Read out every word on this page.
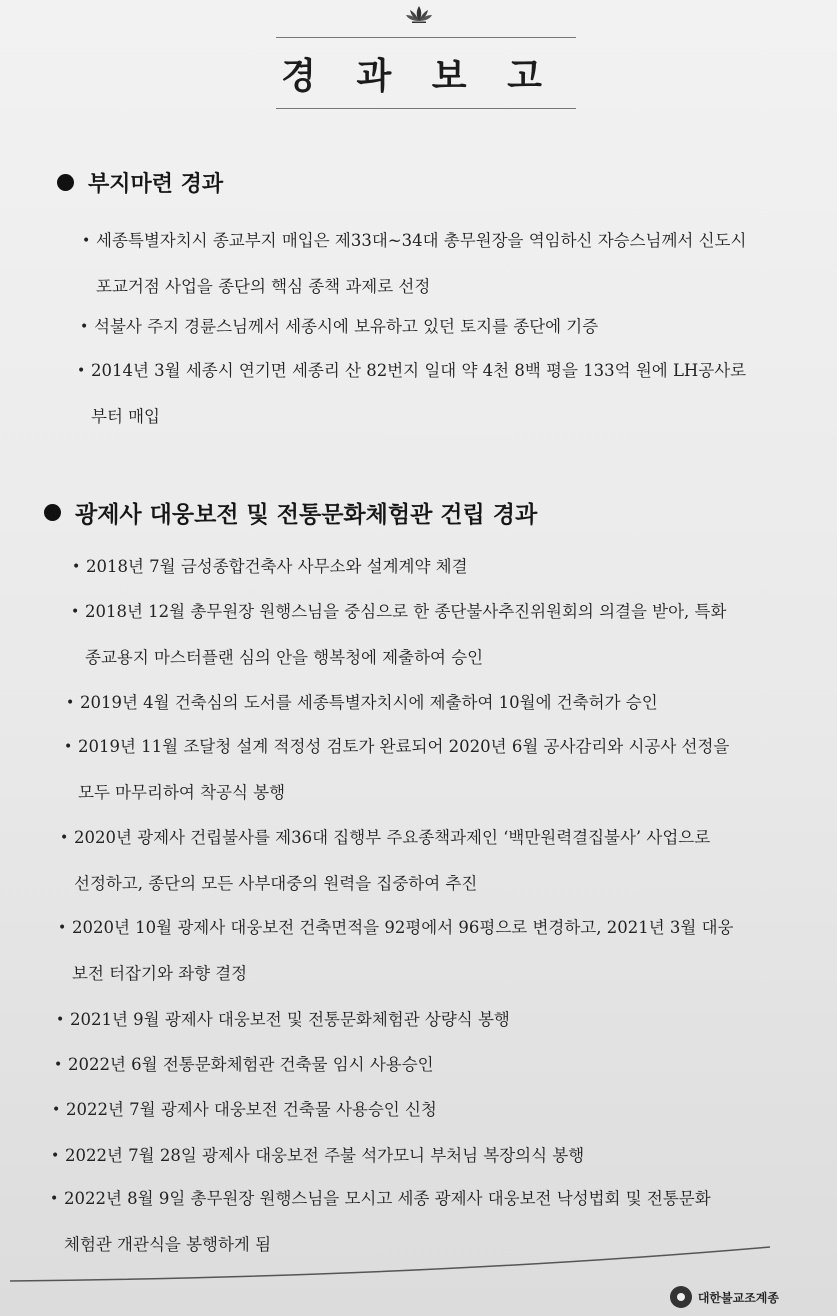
경 과 보 고
부지마련 경과
• 세종특별자치시 종교부지 매입은 제33대~34대 총무원장을 역임하신 자승스님께서 신도시
포교거점 사업을 종단의 핵심 종책 과제로 선정
• 석불사 주지 경륜스님께서 세종시에 보유하고 있던 토지를 종단에 기증
• 2014년 3월 세종시 연기면 세종리 산 82번지 일대 약 4천 8백 평을 133억 원에 LH공사로
부터 매입
광제사 대웅보전 및 전통문화체험관 건립 경과
• 2018년 7월 금성종합건축사 사무소와 설계계약 체결
• 2018년 12월 총무원장 원행스님을 중심으로 한 종단불사추진위원회의 의결을 받아, 특화
종교용지 마스터플랜 심의 안을 행복청에 제출하여 승인
• 2019년 4월 건축심의 도서를 세종특별자치시에 제출하여 10월에 건축허가 승인
• 2019년 11월 조달청 설계 적정성 검토가 완료되어 2020년 6월 공사감리와 시공사 선정을
모두 마무리하여 착공식 봉행
• 2020년 광제사 건립불사를 제36대 집행부 주요종책과제인 ‘백만원력결집불사’ 사업으로
선정하고, 종단의 모든 사부대중의 원력을 집중하여 추진
• 2020년 10월 광제사 대웅보전 건축면적을 92평에서 96평으로 변경하고, 2021년 3월 대웅
보전 터잡기와 좌향 결정
• 2021년 9월 광제사 대웅보전 및 전통문화체험관 상량식 봉행
• 2022년 6월 전통문화체험관 건축물 임시 사용승인
• 2022년 7월 광제사 대웅보전 건축물 사용승인 신청
• 2022년 7월 28일 광제사 대웅보전 주불 석가모니 부처님 복장의식 봉행
• 2022년 8월 9일 총무원장 원행스님을 모시고 세종 광제사 대웅보전 낙성법회 및 전통문화
체험관 개관식을 봉행하게 됨
대한불교조계종
